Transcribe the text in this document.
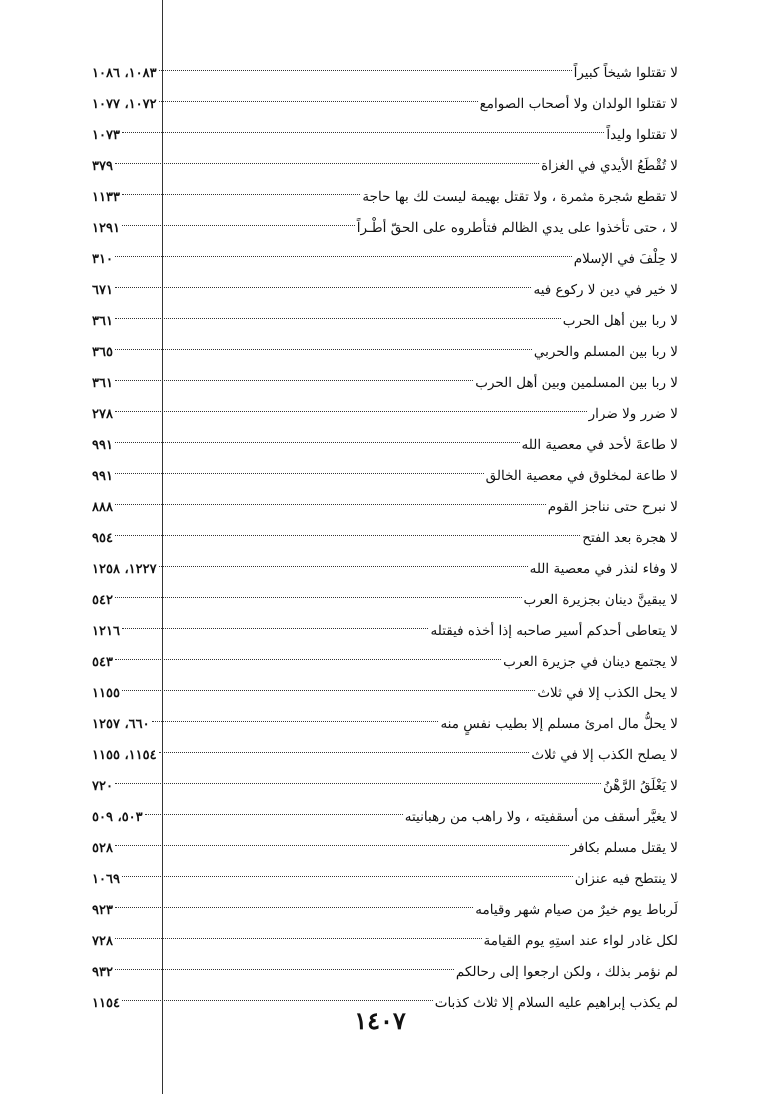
لا تقتلوا شيخاً كبيراً
١٠٨٣، ١٠٨٦
لا تقتلوا الولدان ولا أصحاب الصوامع
١٠٧٢، ١٠٧٧
لا تقتلوا وليداً
١٠٧٣
لا تُقْطَعُ الأيدي في الغزاة
٣٧٩
لا تقطع شجرة مثمرة ، ولا تقتل بهيمة ليست لك بها حاجة
١١٣٣
لا ، حتى تأخذوا على يدي الظالم فتأطروه على الحقّ أطْـراً
١٢٩١
لا حِلْفَ في الإسلام
٣١٠
لا خير في دين لا ركوع فيه
٦٧١
لا ربا بين أهل الحرب
٣٦١
لا ربا بين المسلم والحربي
٣٦٥
لا ربا بين المسلمين وبين أهل الحرب
٣٦١
لا ضرر ولا ضرار
٢٧٨
لا طاعةَ لأحد في معصية الله
٩٩١
لا طاعة لمخلوق في معصية الخالق
٩٩١
لا نبرح حتى نناجز القوم
٨٨٨
لا هجرة بعد الفتح
٩٥٤
لا وفاء لنذر في معصية الله
١٢٢٧، ١٢٥٨
لا يبقينَّ دينان بجزيرة العرب
٥٤٢
لا يتعاطى أحدكم أسير صاحبه إذا أخذه فيقتله
١٢١٦
لا يجتمع دينان في جزيرة العرب
٥٤٣
لا يحل الكذب إلا في ثلاث
١١٥٥
لا يحلُّ مال امرئ مسلم إلا بطيب نفسٍ منه
٦٦٠، ١٢٥٧
لا يصلح الكذب إلا في ثلاث
١١٥٤، ١١٥٥
لا يَغْلَقُ الرَّهْنُ
٧٢٠
لا يغيَّر أسقف من أسقفيته ، ولا راهب من رهبانيته
٥٠٣، ٥٠٩
لا يقتل مسلم بكافر
٥٢٨
لا ينتطح فيه عنزان
١٠٦٩
لَرباط يوم خيرٌ من صيام شهر وقيامه
٩٢٣
لكل غادر لواء عند استِهِ يوم القيامة
٧٢٨
لم نؤمر بذلك ، ولكن ارجعوا إلى رحالكم
٩٣٢
لم يكذب إبراهيم عليه السلام إلا ثلاث كذبات
١١٥٤
١٤٠٧
